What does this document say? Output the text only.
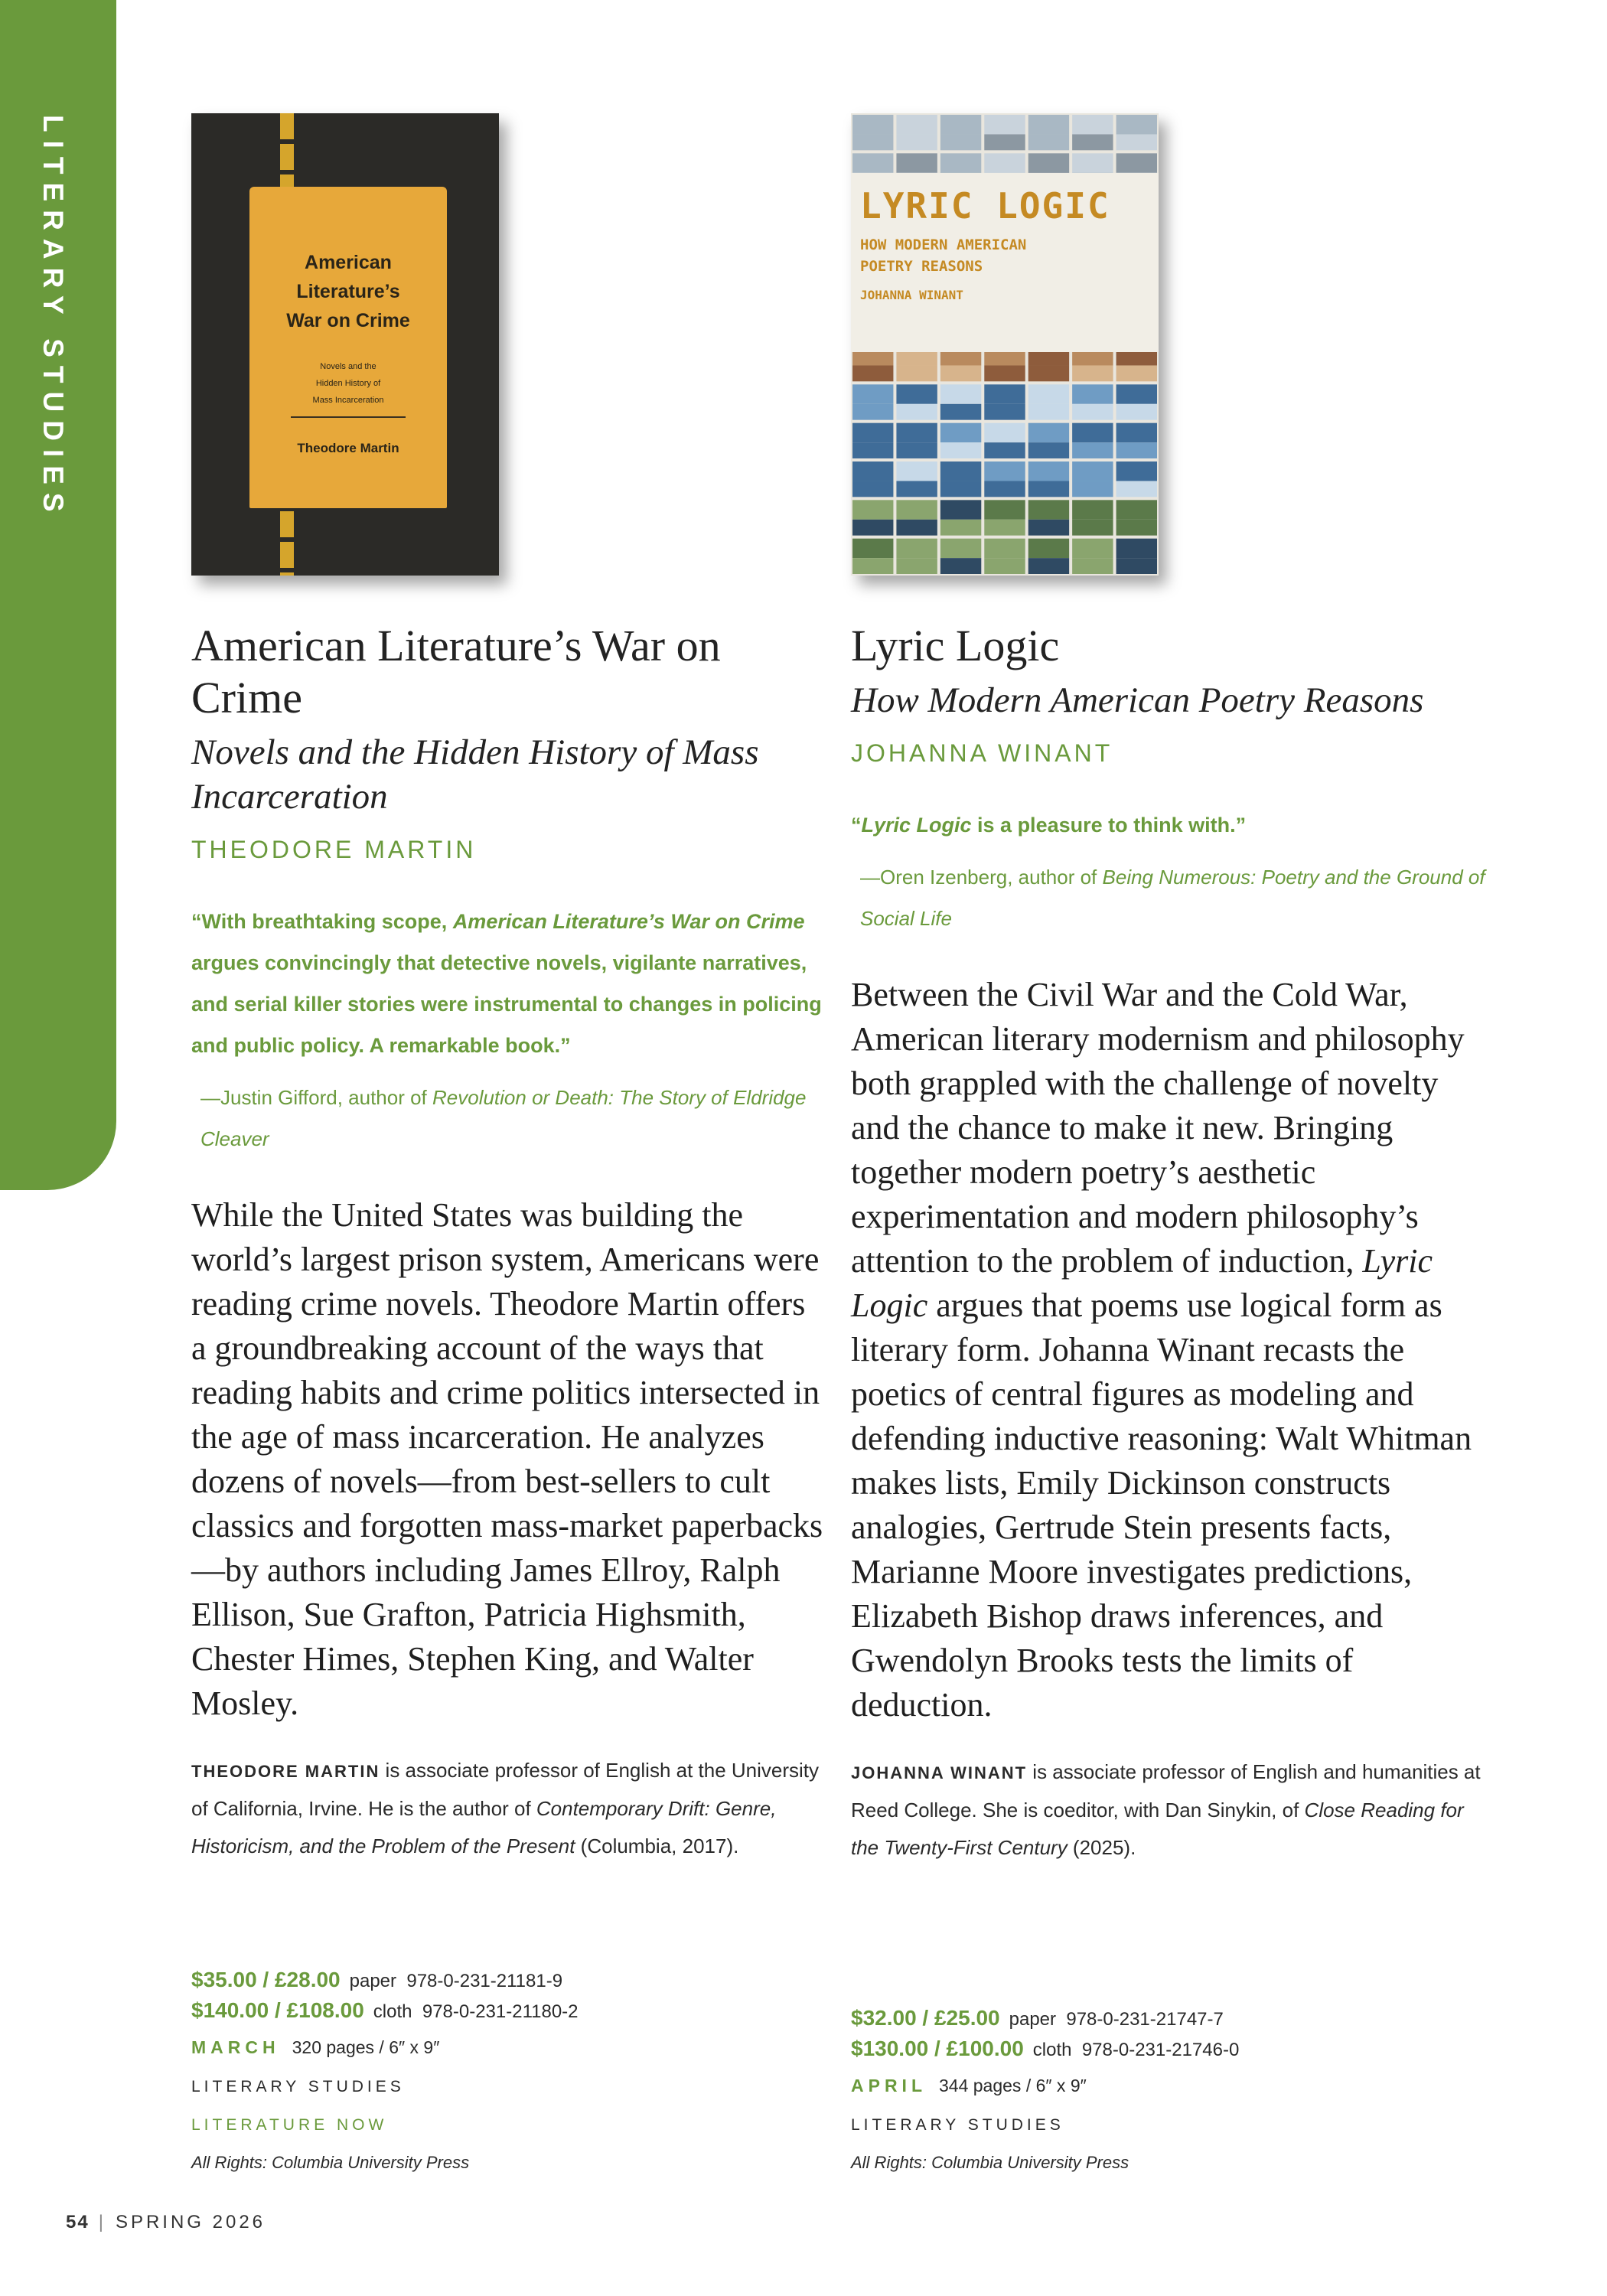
LITERARY STUDIES	American
Literature’s
War on Crime
Novels and the
Hidden History of
Mass Incarceration
Theodore Martin
American Literature’s War on Crime
Novels and the Hidden History of Mass Incarceration
THEODORE MARTIN
“With breathtaking scope, American Literature’s War on Crime argues convincingly that detective novels, vigilante narratives, and serial killer stories were instrumental to changes in policing and public policy. A remarkable book.”
—Justin Gifford, author of Revolution or Death: The Story of Eldridge Cleaver
While the United States was building the world’s largest prison system, Americans were reading crime novels. Theodore Martin offers a groundbreaking account of the ways that reading habits and crime politics intersected in the age of mass incarceration. He analyzes dozens of novels—from best-sellers to cult classics and forgotten mass-market paperbacks—by authors including James Ellroy, Ralph Ellison, Sue Grafton, Patricia Highsmith, Chester Himes, Stephen King, and Walter Mosley.
THEODORE MARTIN is associate professor of English at the University of California, Irvine. He is the author of Contemporary Drift: Genre, Historicism, and the Problem of the Present (Columbia, 2017).
$35.00 / £28.00 paper 978-0-231-21181-9
$140.00 / £108.00 cloth 978-0-231-21180-2
MARCH 320 pages / 6″ x 9″
LITERARY STUDIES
LITERATURE NOW
All Rights: Columbia University Press
LYRIC LOGIC
HOW MODERN AMERICAN
POETRY REASONS
JOHANNA WINANT
Lyric Logic
How Modern American Poetry Reasons
JOHANNA WINANT
“Lyric Logic is a pleasure to think with.”
—Oren Izenberg, author of Being Numerous: Poetry and the Ground of Social Life
Between the Civil War and the Cold War, American literary modernism and philosophy both grappled with the challenge of novelty and the chance to make it new. Bringing together modern poetry’s aesthetic experimentation and modern philosophy’s attention to the problem of induction, Lyric Logic argues that poems use logical form as literary form. Johanna Winant recasts the poetics of central figures as modeling and defending inductive reasoning: Walt Whitman makes lists, Emily Dickinson constructs analogies, Gertrude Stein presents facts, Marianne Moore investigates predictions, Elizabeth Bishop draws inferences, and Gwendolyn Brooks tests the limits of deduction.
JOHANNA WINANT is associate professor of English and humanities at Reed College. She is coeditor, with Dan Sinykin, of Close Reading for the Twenty-First Century (2025).
$32.00 / £25.00 paper 978-0-231-21747-7
$130.00 / £100.00 cloth 978-0-231-21746-0
APRIL 344 pages / 6″ x 9″
LITERARY STUDIES
All Rights: Columbia University Press
54 | SPRING 2026
